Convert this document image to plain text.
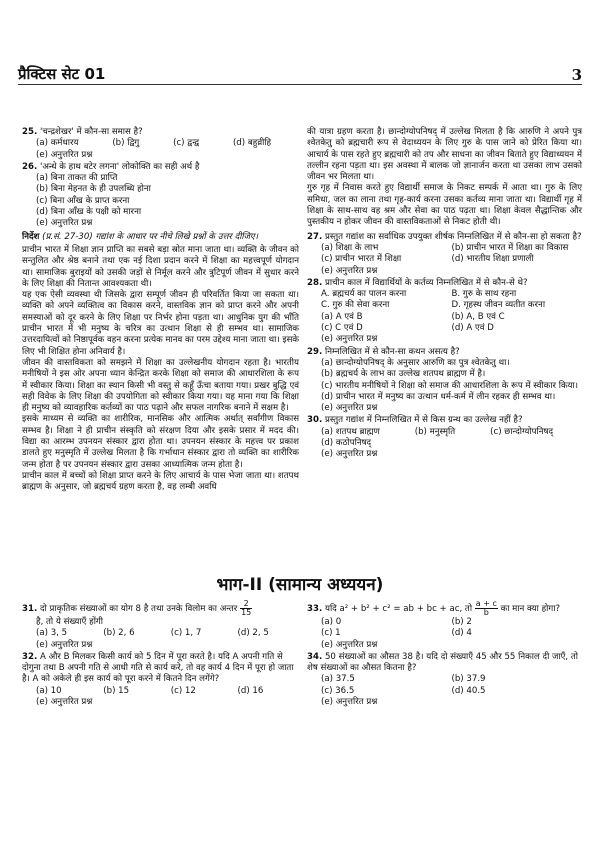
प्रैक्टिस सेट 01	3
25. 'चन्द्रशेखर' में कौन-सा समास है?
(a) कर्मधारय	(b) द्विगु	(c) द्वन्द्व	(d) बहुव्रीहि
(e) अनुत्तरित प्रश्न
26. 'अन्धे के हाथ बटेर लगना' लोकोक्ति का सही अर्थ है
(a) बिना ताकत की प्राप्ति
(b) बिना मेहनत के ही उपलब्धि होना
(c) बिना आँख के प्राप्त करना
(d) बिना आँख के पक्षी को मारना
(e) अनुत्तरित प्रश्न
निर्देश (प्र.सं. 27-30) गद्यांश के आधार पर नीचे लिखे प्रश्नों के उत्तर दीजिए।

प्राचीन भारत में शिक्षा ज्ञान प्राप्ति का सबसे बड़ा स्रोत माना जाता था। व्यक्ति के जीवन को सन्तुलित और श्रेष्ठ बनाने तथा एक नई दिशा प्रदान करने में शिक्षा का महत्त्वपूर्ण योगदान था। सामाजिक बुराइयों को उसकी जड़ों से निर्मूल करने और त्रुटिपूर्ण जीवन में सुधार करने के लिए शिक्षा की नितान्त आवश्यकता थी।

यह एक ऐसी व्यवस्था थी जिसके द्वारा सम्पूर्ण जीवन ही परिवर्तित किया जा सकता था। व्यक्ति को अपने व्यक्तित्व का विकास करने, वास्तविक ज्ञान को प्राप्त करने और अपनी समस्याओं को दूर करने के लिए शिक्षा पर निर्भर होना पड़ता था। आधुनिक युग की भाँति प्राचीन भारत में भी मनुष्य के चरित्र का उत्थान शिक्षा से ही सम्भव था। सामाजिक उत्तरदायित्वों को निष्ठापूर्वक वहन करना प्रत्येक मानव का परम उद्देश्य माना जाता था। इसके लिए भी शिक्षित होना अनिवार्य है।

जीवन की वास्तविकता को समझने में शिक्षा का उल्लेखनीय योगदान रहता है। भारतीय मनीषियों ने इस ओर अपना ध्यान केन्द्रित करके शिक्षा को समाज की आधारशिला के रूप में स्वीकार किया। शिक्षा का स्थान किसी भी वस्तु से कहूँ ऊँचा बताया गया। प्रखर बुद्धि एवं सही विवेक के लिए शिक्षा की उपयोगिता को स्वीकार किया गया। यह माना गया कि शिक्षा ही मनुष्य को व्यावहारिक कर्तव्यों का पाठ पढ़ाने और सफल नागरिक बनाने में सक्षम है।

इसके माध्यम से व्यक्ति का शारीरिक, मानसिक और आत्मिक अर्थात् सर्वांगीण विकास सम्भव है। शिक्षा ने ही प्राचीन संस्कृति को संरक्षण दिया और इसके प्रसार में मदद की। विद्या का आरम्भ उपनयन संस्कार द्वारा होता था। उपनयन संस्कार के महत्त्व पर प्रकाश डालते हुए मनुस्मृति में उल्लेख मिलता है कि गर्भाधान संस्कार द्वारा तो व्यक्ति का शारीरिक जन्म होता है पर उपनयन संस्कार द्वारा उसका आध्यात्मिक जन्म होता है।

प्राचीन काल में बच्चों को शिक्षा प्राप्त करने के लिए आचार्य के पास भेजा जाता था। शतपथ ब्राह्मण के अनुसार, जो ब्रह्मचर्य ग्रहण करता है, वह लम्बी अवधि

की यात्रा ग्रहण करता है। छान्दोग्योपनिषद् में उल्लेख मिलता है कि आरुणि ने अपने पुत्र श्वेतकेतु को ब्रह्मचारी रूप से वेदाध्ययन के लिए गुरु के पास जाने को प्रेरित किया था। आचार्य के पास रहते हुए ब्रह्मचारी को तप और साधना का जीवन बिताते हुए विद्याध्ययन में तल्लीन रहना पड़ता था। इस अवस्था में बालक जो ज्ञानार्जन करता था उसका लाभ उसको जीवन भर मिलता था।

गुरु गृह में निवास करते हुए विद्यार्थी समाज के निकट सम्पर्क में आता था। गुरु के लिए समिधा, जल का लाना तथा गृह-कार्य करना उसका कर्तव्य माना जाता था। विद्यार्थी गृह में शिक्षा के साथ-साथ वह श्रम और सेवा का पाठ पढ़ता था। शिक्षा केवल सैद्धान्तिक और पुस्तकीय न होकर जीवन की वास्तविकताओं से निकट होती थी।

27. प्रस्तुत गद्यांश का सर्वाधिक उपयुक्त शीर्षक निम्नलिखित में से कौन-सा हो सकता है?
(a) शिक्षा के लाभ	(b) प्राचीन भारत में शिक्षा का विकास
(c) प्राचीन भारत में शिक्षा	(d) भारतीय शिक्षा प्रणाली
(e) अनुत्तरित प्रश्न
28. प्राचीन काल में विद्यार्थियों के कर्तव्य निम्नलिखित में से कौन-से थे?
A. ब्रह्मचर्य का पालन करना	B. गुरु के साथ रहना
C. गुरु की सेवा करना	D. गृहस्थ जीवन व्यतीत करना
(a) A एवं B	(b) A, B एवं C
(c) C एवं D	(d) A एवं D
(e) अनुत्तरित प्रश्न
29. निम्नलिखित में से कौन-सा कथन असत्य है?
(a) छान्दोग्योपनिषद् के अनुसार आरुणि का पुत्र श्वेतकेतु था।
(b) ब्रह्मचर्य के लाभ का उल्लेख शतपथ ब्राह्मण में है।
(c) भारतीय मनीषियों ने शिक्षा को समाज की आधारशिला के रूप में स्वीकार किया।
(d) प्राचीन भारत में मनुष्य का उत्थान धर्म-कर्म में लीन रहकर ही सम्भव था।
(e) अनुत्तरित प्रश्न
30. प्रस्तुत गद्यांश में निम्नलिखित में से किस ग्रन्थ का उल्लेख नहीं है?
(a) शतपथ ब्राह्मण	(b) मनुस्मृति	(c) छान्दोग्योपनिषद्
(d) कठोपनिषद्
(e) अनुत्तरित प्रश्न
भाग-II (सामान्य अध्ययन)
31. दो प्राकृतिक संख्याओं का योग 8 है तथा उनके विलोम का अन्तर $\frac{2}{15}$
है, तो ये संख्याएँ होंगी
(a) 3, 5	(b) 2, 6	(c) 1, 7	(d) 2, 5
(e) अनुत्तरित प्रश्न
32. A और B मिलकर किसी कार्य को 5 दिन में पूरा करते है। यदि A अपनी गति से दोगुना तथा B अपनी गति से आधी गति से कार्य करे, तो वह कार्य 4 दिन में पूरा हो जाता है। A को अकेले ही इस कार्य को पूरा करने में कितने दिन लगेंगे?
(a) 10	(b) 15	(c) 12	(d) 16
(e) अनुत्तरित प्रश्न
33. यदि a² + b² + c² = ab + bc + ac, तो $\frac{a + c}{b}$ का मान क्या होगा?
(a) 0	(b) 2
(c) 1	(d) 4
(e) अनुत्तरित प्रश्न
34. 50 संख्याओं का औसत 38 है। यदि दो संख्याएँ 45 और 55 निकाल दी जाएँ, तो शेष संख्याओं का औसत कितना है?
(a) 37.5	(b) 37.9
(c) 36.5	(d) 40.5
(e) अनुत्तरित प्रश्न
